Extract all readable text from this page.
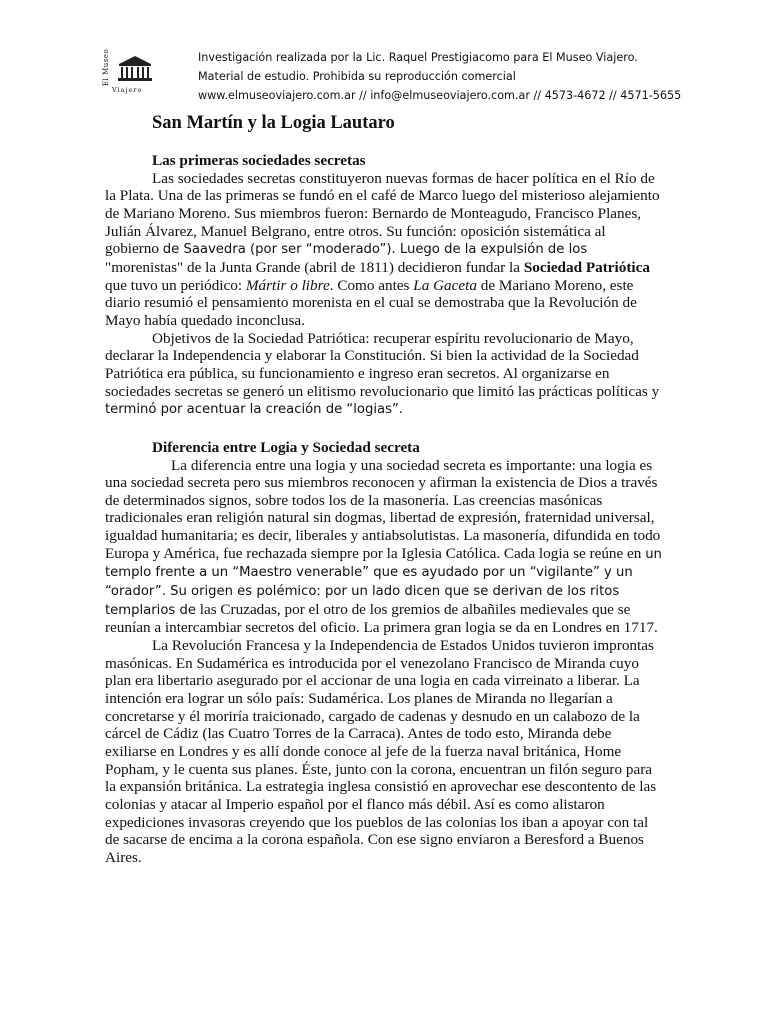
El Museo
Viajero
Investigación realizada por la Lic. Raquel Prestigiacomo para El Museo Viajero.
Material de estudio. Prohibida su reproducción comercial
www.elmuseoviajero.com.ar // info@elmuseoviajero.com.ar // 4573-4672 // 4571-5655
San Martín y la Logia Lautaro
Las primeras sociedades secretas

Las sociedades secretas constituyeron nuevas formas de hacer política en el Río de la Plata. Una de las primeras se fundó en el café de Marco luego del misterioso alejamiento de Mariano Moreno. Sus miembros fueron: Bernardo de Monteagudo, Francisco Planes, Julián Álvarez, Manuel Belgrano, entre otros. Su función: oposición sistemática al gobierno de Saavedra (por ser “moderado”). Luego de la expulsión de los "morenistas" de la Junta Grande (abril de 1811) decidieron fundar la Sociedad Patriótica que tuvo un periódico: Mártir o libre. Como antes La Gaceta de Mariano Moreno, este diario resumió el pensamiento morenista en el cual se demostraba que la Revolución de Mayo había quedado inconclusa.

Objetivos de la Sociedad Patriótica: recuperar espíritu revolucionario de Mayo, declarar la Independencia y elaborar la Constitución. Si bien la actividad de la Sociedad Patriótica era pública, su funcionamiento e ingreso eran secretos. Al organizarse en sociedades secretas se generó un elitismo revolucionario que limitó las prácticas políticas y terminó por acentuar la creación de “logias”.

Diferencia entre Logia y Sociedad secreta

La diferencia entre una logia y una sociedad secreta es importante: una logia es una sociedad secreta pero sus miembros reconocen y afirman la existencia de Dios a través de determinados signos, sobre todos los de la masonería. Las creencias masónicas tradicionales eran religión natural sin dogmas, libertad de expresión, fraternidad universal, igualdad humanitaria; es decir, liberales y antiabsolutistas. La masonería, difundida en todo Europa y América, fue rechazada siempre por la Iglesia Católica. Cada logia se reúne en un templo frente a un “Maestro venerable” que es ayudado por un “vigilante” y un “orador”. Su origen es polémico: por un lado dicen que se derivan de los ritos templarios de las Cruzadas, por el otro de los gremios de albañiles medievales que se reunían a intercambiar secretos del oficio. La primera gran logia se da en Londres en 1717.

La Revolución Francesa y la Independencia de Estados Unidos tuvieron improntas masónicas. En Sudamérica es introducida por el venezolano Francisco de Miranda cuyo plan era libertario asegurado por el accionar de una logia en cada virreinato a liberar. La intención era lograr un sólo país: Sudamérica. Los planes de Miranda no llegarían a concretarse y él moriría traicionado, cargado de cadenas y desnudo en un calabozo de la cárcel de Cádiz (las Cuatro Torres de la Carraca). Antes de todo esto, Miranda debe exiliarse en Londres y es allí donde conoce al jefe de la fuerza naval británica, Home Popham, y le cuenta sus planes. Éste, junto con la corona, encuentran un filón seguro para la expansión británica. La estrategia inglesa consistió en aprovechar ese descontento de las colonias y atacar al Imperio español por el flanco más débil. Así es como alistaron expediciones invasoras creyendo que los pueblos de las colonias los iban a apoyar con tal de sacarse de encima a la corona española. Con ese signo enviaron a Beresford a Buenos Aires.
